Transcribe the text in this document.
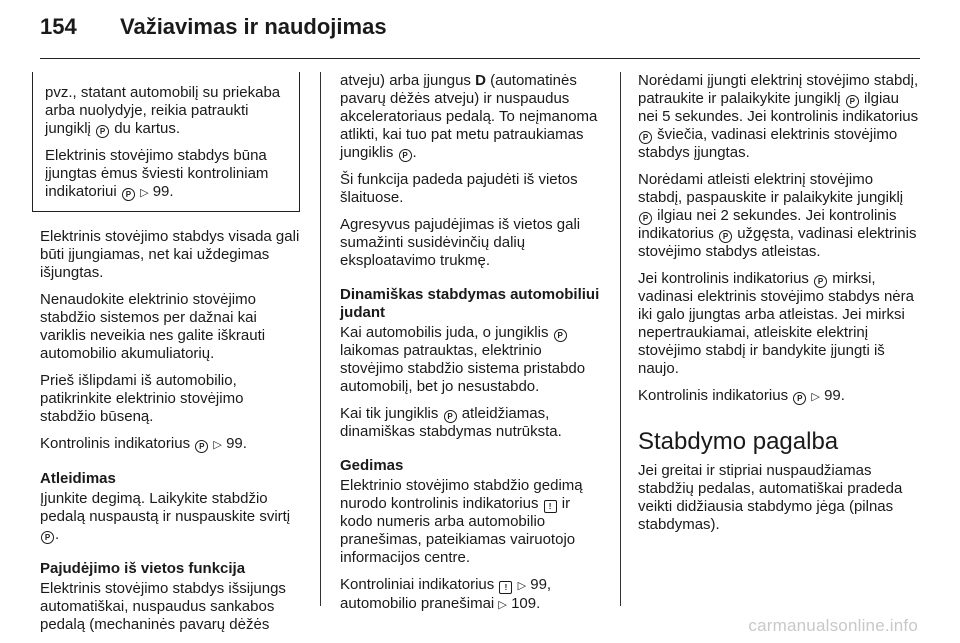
154	Važiavimas ir naudojimas

pvz., statant automobilį su priekaba arba nuolydyje, reikia patraukti jungiklį P du kartus.

Elektrinis stovėjimo stabdys būna įjungtas ėmus šviesti kontroliniam indikatoriui P ▷ 99.

Elektrinis stovėjimo stabdys visada gali būti įjungiamas, net kai uždegimas išjungtas.

Nenaudokite elektrinio stovėjimo stabdžio sistemos per dažnai kai variklis neveikia nes galite iškrauti automobilio akumuliatorių.

Prieš išlipdami iš automobilio, patikrinkite elektrinio stovėjimo stabdžio būseną.

Kontrolinis indikatorius P ▷ 99.

Atleidimas

Įjunkite degimą. Laikykite stabdžio pedalą nuspaustą ir nuspauskite svirtį P .

Pajudėjimo iš vietos funkcija

Elektrinis stovėjimo stabdys išsijungs automatiškai, nuspaudus sankabos pedalą (mechaninės pavarų dėžės

atveju) arba įjungus D (automatinės pavarų dėžės atveju) ir nuspaudus akceleratoriaus pedalą. To neįmanoma atlikti, kai tuo pat metu patraukiamas jungiklis P .

Ši funkcija padeda pajudėti iš vietos šlaituose.

Agresyvus pajudėjimas iš vietos gali sumažinti susidėvinčių dalių eksploatavimo trukmę.

Dinamiškas stabdymas automobiliui judant

Kai automobilis juda, o jungiklis P laikomas patrauktas, elektrinio stovėjimo stabdžio sistema pristabdo automobilį, bet jo nesustabdo.

Kai tik jungiklis P atleidžiamas, dinamiškas stabdymas nutrūksta.

Gedimas

Elektrinio stovėjimo stabdžio gedimą nurodo kontrolinis indikatorius ! ir kodo numeris arba automobilio pranešimas, pateikiamas vairuotojo informacijos centre.

Kontroliniai indikatorius ! ▷ 99, automobilio pranešimai ▷ 109.

Norėdami įjungti elektrinį stovėjimo stabdį, patraukite ir palaikykite jungiklį P ilgiau nei 5 sekundes. Jei kontrolinis indikatorius P šviečia, vadinasi elektrinis stovėjimo stabdys įjungtas.

Norėdami atleisti elektrinį stovėjimo stabdį, paspauskite ir palaikykite jungiklį P ilgiau nei 2 sekundes. Jei kontrolinis indikatorius P užgęsta, vadinasi elektrinis stovėjimo stabdys atleistas.

Jei kontrolinis indikatorius P mirksi, vadinasi elektrinis stovėjimo stabdys nėra iki galo įjungtas arba atleistas. Jei mirksi nepertraukiamai, atleiskite elektrinį stovėjimo stabdį ir bandykite įjungti iš naujo.

Kontrolinis indikatorius P ▷ 99.

Stabdymo pagalba

Jei greitai ir stipriai nuspaudžiamas stabdžių pedalas, automatiškai pradeda veikti didžiausia stabdymo jėga (pilnas stabdymas).

carmanualsonline.info
